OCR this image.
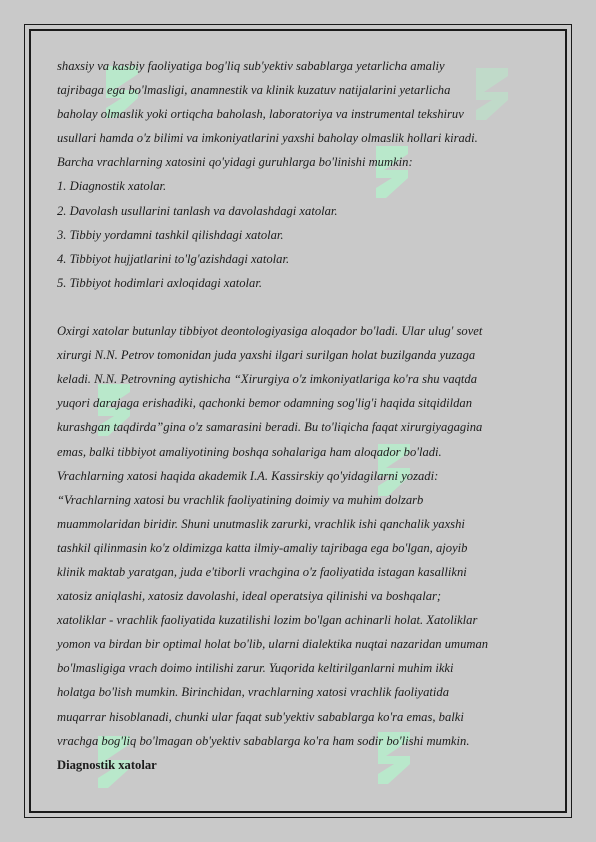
shaxsiy va kasbiy faoliyatiga bog'liq sub'yektiv sabablarga yetarlicha amaliy
tajribaga ega bo'lmasligi, anamnestik va klinik kuzatuv natijalarini yetarlicha
baholay olmaslik yoki ortiqcha baholash, laboratoriya va instrumental tekshiruv
usullari hamda o'z bilimi va imkoniyatlarini yaxshi baholay olmaslik hollari kiradi.
Barcha vrachlarning xatosini qo'yidagi guruhlarga bo'linishi mumkin:
1. Diagnostik xatolar.
2. Davolash usullarini tanlash va davolashdagi xatolar.
3. Tibbiy yordamni tashkil qilishdagi xatolar.
4. Tibbiyot hujjatlarini to'lg'azishdagi xatolar.
5. Tibbiyot hodimlari axloqidagi xatolar.
Oxirgi xatolar butunlay tibbiyot deontologiyasiga aloqador bo'ladi. Ular ulug' sovet
xirurgi N.N. Petrov tomonidan juda yaxshi ilgari surilgan holat buzilganda yuzaga
keladi. N.N. Petrovning aytishicha “Xirurgiya o'z imkoniyatlariga ko'ra shu vaqtda
yuqori darajaga erishadiki, qachonki bemor odamning sog'lig'i haqida sitqidildan
kurashgan taqdirda”gina o'z samarasini beradi. Bu to'liqicha faqat xirurgiyagagina
emas, balki tibbiyot amaliyotining boshqa sohalariga ham aloqador bo'ladi.
Vrachlarning xatosi haqida akademik I.A. Kassirskiy qo'yidagilarni yozadi:
“Vrachlarning xatosi bu vrachlik faoliyatining doimiy va muhim dolzarb
muammolaridan biridir. Shuni unutmaslik zarurki, vrachlik ishi qanchalik yaxshi
tashkil qilinmasin ko'z oldimizga katta ilmiy-amaliy tajribaga ega bo'lgan, ajoyib
klinik maktab yaratgan, juda e'tiborli vrachgina o'z faoliyatida istagan kasallikni
xatosiz aniqlashi, xatosiz davolashi, ideal operatsiya qilinishi va boshqalar;
xatoliklar - vrachlik faoliyatida kuzatilishi lozim bo'lgan achinarli holat. Xatoliklar
yomon va birdan bir optimal holat bo'lib, ularni dialektika nuqtai nazaridan umuman
bo'lmasligiga vrach doimo intilishi zarur. Yuqorida keltirilganlarni muhim ikki
holatga bo'lish mumkin. Birinchidan, vrachlarning xatosi vrachlik faoliyatida
muqarrar hisoblanadi, chunki ular faqat sub'yektiv sabablarga ko'ra emas, balki
vrachga bog'liq bo'lmagan ob'yektiv sabablarga ko'ra ham sodir bo'lishi mumkin.
Diagnostik xatolar
